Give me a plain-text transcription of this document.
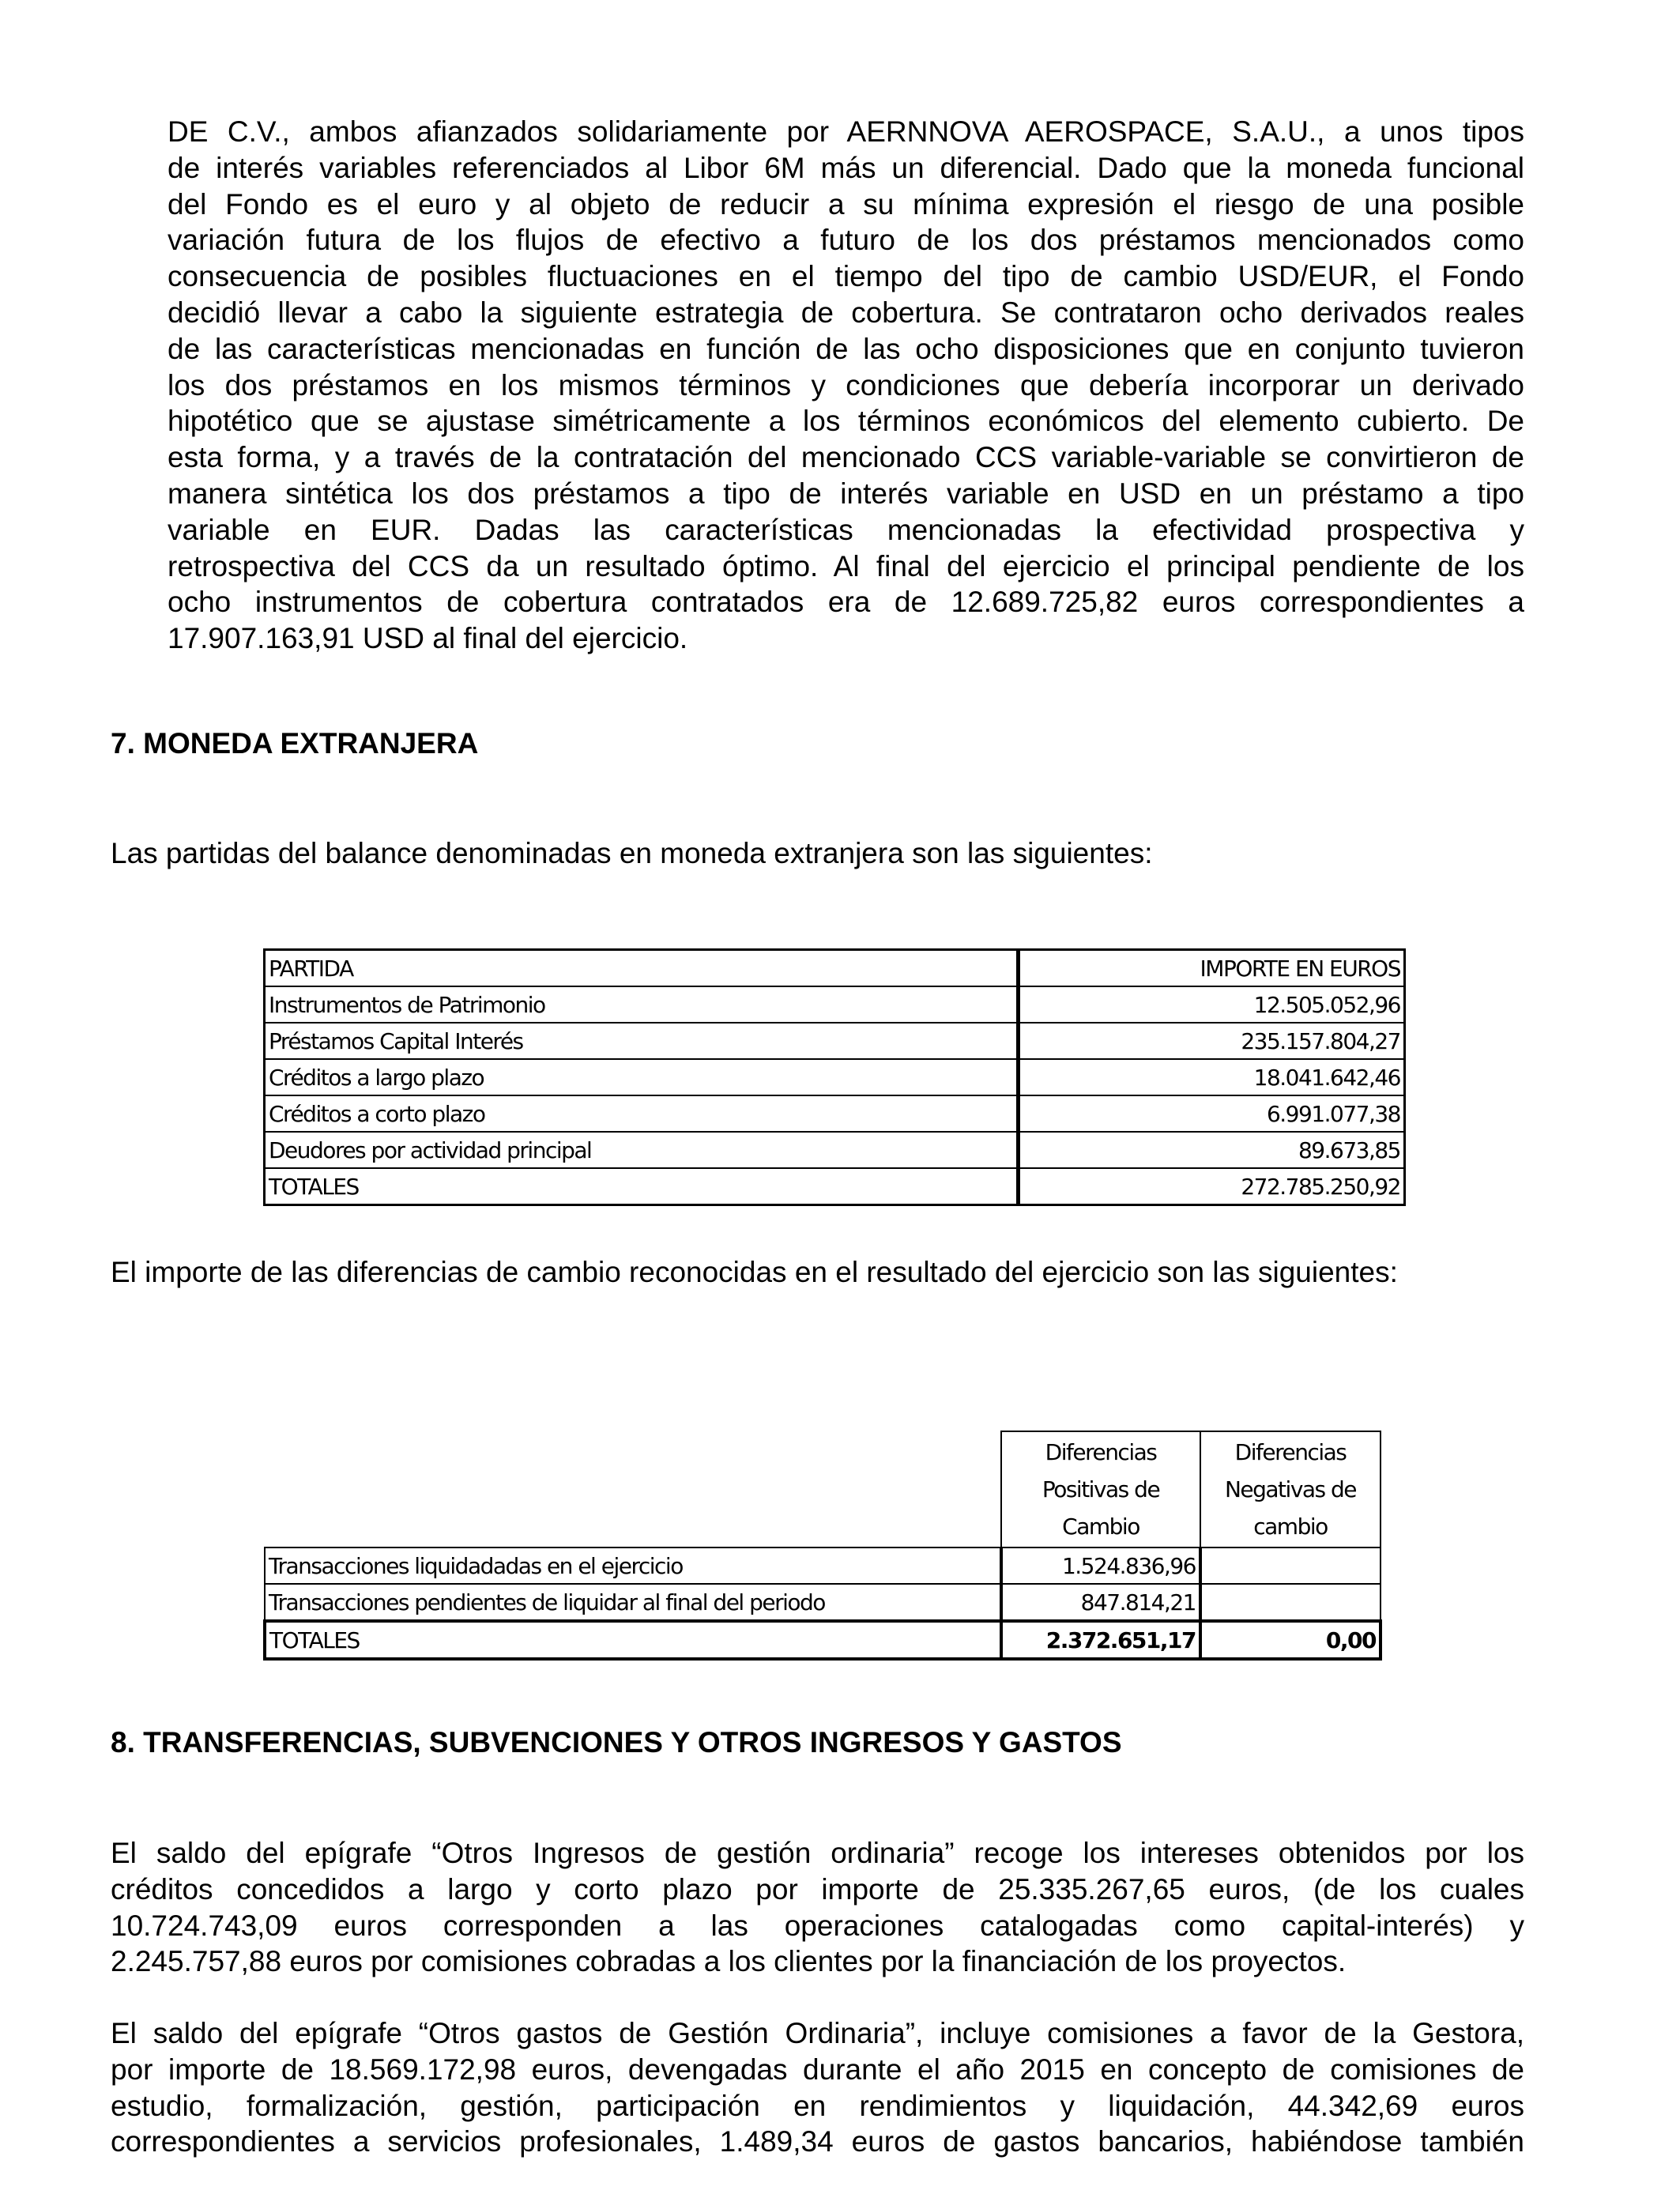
DE C.V., ambos afianzados solidariamente por AERNNOVA AEROSPACE, S.A.U., a unos tipos
de interés variables referenciados al Libor 6M más un diferencial. Dado que la moneda funcional
del Fondo es el euro y al objeto de reducir a su mínima expresión el riesgo de una posible
variación futura de los flujos de efectivo a futuro de los dos préstamos mencionados como
consecuencia de posibles fluctuaciones en el tiempo del tipo de cambio USD/EUR, el Fondo
decidió llevar a cabo la siguiente estrategia de cobertura. Se contrataron ocho derivados reales
de las características mencionadas en función de las ocho disposiciones que en conjunto tuvieron
los dos préstamos en los mismos términos y condiciones que debería incorporar un derivado
hipotético que se ajustase simétricamente a los términos económicos del elemento cubierto. De
esta forma, y a través de la contratación del mencionado CCS variable-variable se convirtieron de
manera sintética los dos préstamos a tipo de interés variable en USD en un préstamo a tipo
variable en EUR. Dadas las características mencionadas la efectividad prospectiva y
retrospectiva del CCS da un resultado óptimo. Al final del ejercicio el principal pendiente de los
ocho instrumentos de cobertura contratados era de 12.689.725,82 euros correspondientes a
17.907.163,91 USD al final del ejercicio.
7. MONEDA EXTRANJERA
Las partidas del balance denominadas en moneda extranjera son las siguientes:
PARTIDA	IMPORTE EN EUROS
Instrumentos de Patrimonio	12.505.052,96
Préstamos Capital Interés	235.157.804,27
Créditos a largo plazo	18.041.642,46
Créditos a corto plazo	6.991.077,38
Deudores por actividad principal	89.673,85
TOTALES	272.785.250,92
El importe de las diferencias de cambio reconocidas en el resultado del ejercicio son las siguientes:
	Diferencias Positivas de Cambio	Diferencias Negativas de cambio
Transacciones liquidadadas en el ejercicio	1.524.836,96	
Transacciones pendientes de liquidar al final del periodo	847.814,21	
TOTALES	2.372.651,17	0,00
8. TRANSFERENCIAS, SUBVENCIONES Y OTROS INGRESOS Y GASTOS
El saldo del epígrafe “Otros Ingresos de gestión ordinaria” recoge los intereses obtenidos por los
créditos concedidos a largo y corto plazo por importe de 25.335.267,65 euros, (de los cuales
10.724.743,09 euros corresponden a las operaciones catalogadas como capital-interés) y
2.245.757,88 euros por comisiones cobradas a los clientes por la financiación de los proyectos.
El saldo del epígrafe “Otros gastos de Gestión Ordinaria”, incluye comisiones a favor de la Gestora,
por importe de 18.569.172,98 euros, devengadas durante el año 2015 en concepto de comisiones de
estudio, formalización, gestión, participación en rendimientos y liquidación, 44.342,69 euros
correspondientes a servicios profesionales, 1.489,34 euros de gastos bancarios, habiéndose también
